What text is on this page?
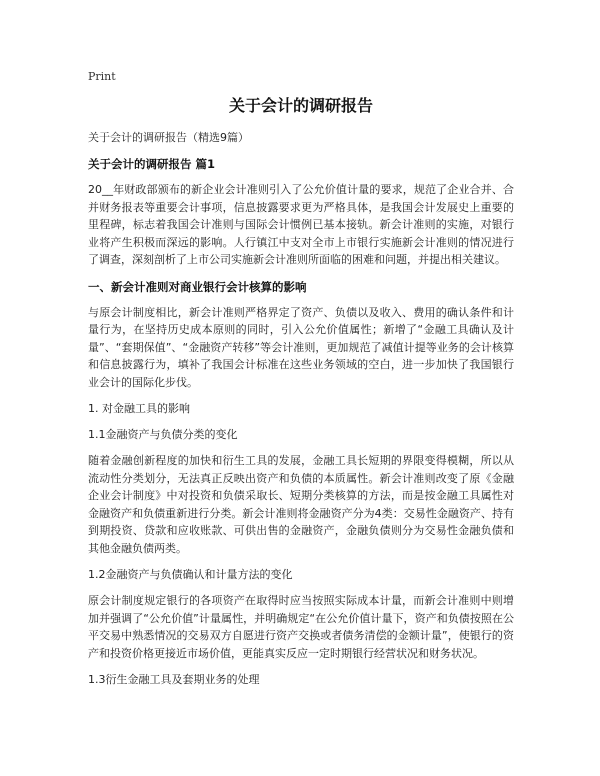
Print
关于会计的调研报告

关于会计的调研报告（精选9篇）

关于会计的调研报告 篇1

20__年财政部颁布的新企业会计准则引入了公允价值计量的要求，规范了企业合并、合并财务报表等重要会计事项，信息披露要求更为严格具体，是我国会计发展史上重要的里程碑，标志着我国会计准则与国际会计惯例已基本接轨。新会计准则的实施，对银行业将产生积极而深远的影响。人行镇江中支对全市上市银行实施新会计准则的情况进行了调查，深刻剖析了上市公司实施新会计准则所面临的困难和问题，并提出相关建议。

一、新会计准则对商业银行会计核算的影响

与原会计制度相比，新会计准则严格界定了资产、负债以及收入、费用的确认条件和计量行为，在坚持历史成本原则的同时，引入公允价值属性；新增了“金融工具确认及计量”、“套期保值”、“金融资产转移”等会计准则，更加规范了减值计提等业务的会计核算和信息披露行为，填补了我国会计标准在这些业务领域的空白，进一步加快了我国银行业会计的国际化步伐。

1. 对金融工具的影响

1.1金融资产与负债分类的变化

随着金融创新程度的加快和衍生工具的发展，金融工具长短期的界限变得模糊，所以从流动性分类划分，无法真正反映出资产和负债的本质属性。新会计准则改变了原《金融企业会计制度》中对投资和负债采取长、短期分类核算的方法，而是按金融工具属性对金融资产和负债重新进行分类。新会计准则将金融资产分为4类：交易性金融资产、持有到期投资、贷款和应收账款、可供出售的金融资产，金融负债则分为交易性金融负债和其他金融负债两类。

1.2金融资产与负债确认和计量方法的变化

原会计制度规定银行的各项资产在取得时应当按照实际成本计量，而新会计准则中则增加并强调了“公允价值”计量属性，并明确规定“在公允价值计量下，资产和负债按照在公平交易中熟悉情况的交易双方自愿进行资产交换或者债务清偿的金额计量”，使银行的资产和投资价格更接近市场价值，更能真实反应一定时期银行经营状况和财务状况。

1.3衍生金融工具及套期业务的处理
